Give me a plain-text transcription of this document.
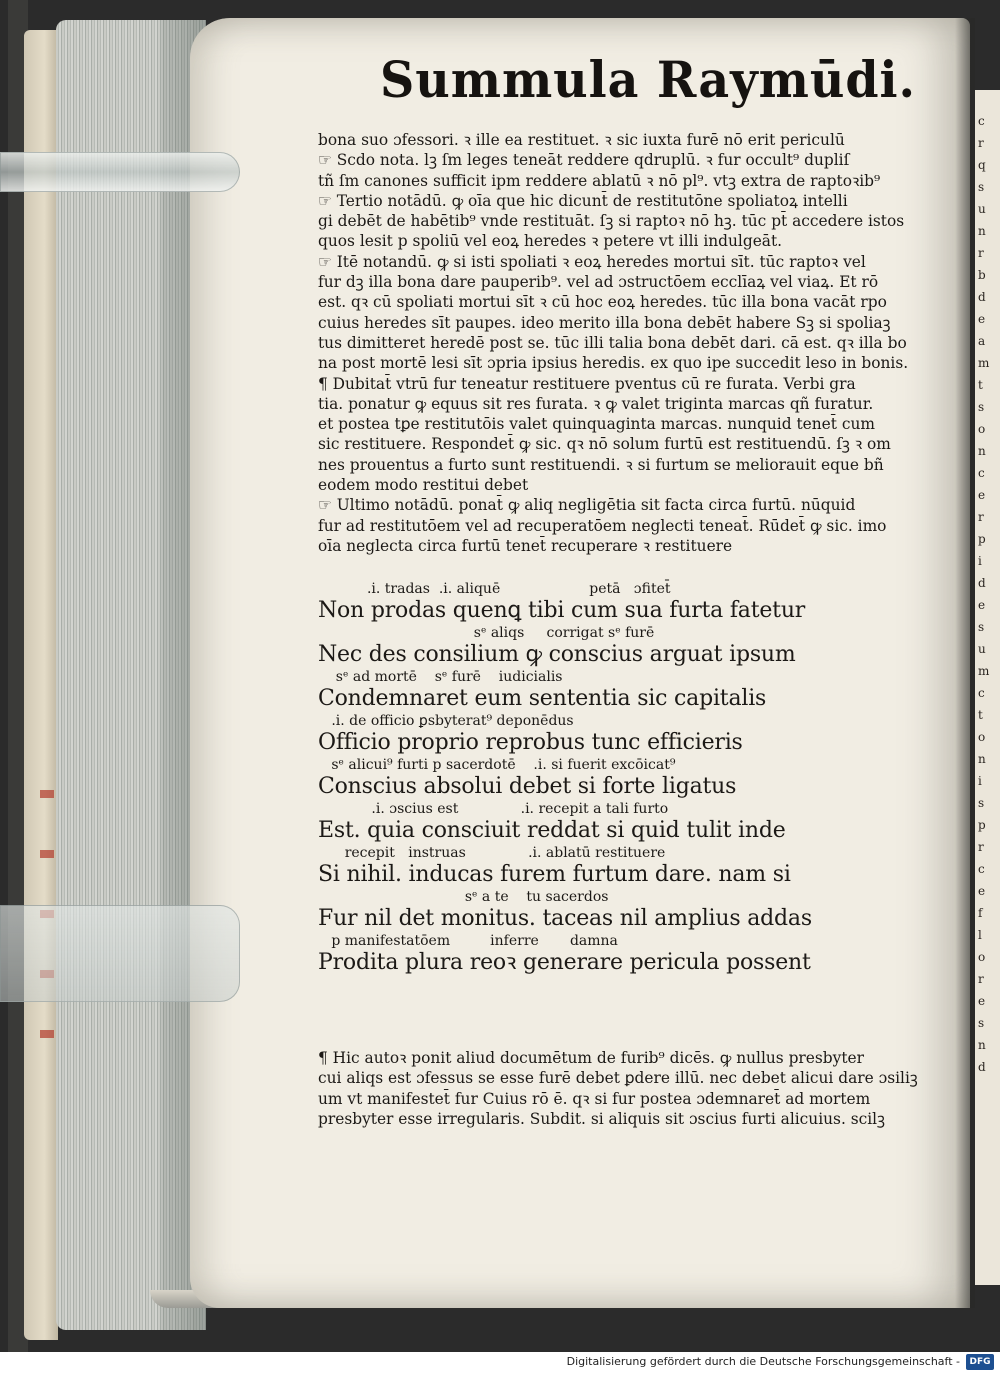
c
r
q
s
u
n
r
b
d
e
a
m
t
s
o
n
c
e
r
p
i
d
e
s
u
m
c
t
o
n
i
s
p
r
c
e
f
l
o
r
e
s
n
d
Summula Raymūdi.
bona suo ɔfessori. ꝛ ille ea restituet. ꝛ sic iuxta furē nō erit periculū
☞ Scdo nota. lꝫ ſm leges teneāt reddere qdruplū. ꝛ fur occult⁹ dupliſ
tñ ſm canones sufficit ipm reddere ablatū ꝛ nō pl⁹. vtꝫ extra de raptoꝛib⁹
☞ Tertio notādū. ꝙ oīa que hic dicunt̄ de restitutōne spoliatoꝝ intelli
gi debēt de habētib⁹ vnde restituāt. ſꝫ si raptoꝛ nō hꝫ. tūc pt̄ accedere istos
quos lesit p spoliū vel eoꝝ heredes ꝛ petere vt illi indulgeāt.
☞ Itē notandū. ꝙ si isti spoliati ꝛ eoꝝ heredes mortui sīt. tūc raptoꝛ vel
fur dꝫ illa bona dare pauperib⁹. vel ad ɔstructōem ecclīaꝝ vel viaꝝ. Et rō
est. qꝛ cū spoliati mortui sīt ꝛ cū hoc eoꝝ heredes. tūc illa bona vacāt rpo
cuius heredes sīt paupes. ideo merito illa bona debēt habere Sꝫ si spoliaꝫ
tus dimitteret heredē post se. tūc illi talia bona debēt dari. cā est. qꝛ illa bo
na post mortē lesi sīt ɔpria ipsius heredis. ex quo ipe succedit leso in bonis.
¶ Dubitat̄ vtrū fur teneatur restituere pventus cū re furata. Verbi gra
tia. ponatur ꝙ equus sit res furata. ꝛ ꝙ valet triginta marcas qñ furatur.
et postea tꝑe restitutōis valet quinquaginta marcas. nunquid tenet̄ cum
sic restituere. Respondet̄ ꝙ sic. qꝛ nō solum furtū est restituendū. ſꝫ ꝛ om
nes prouentus a furto sunt restituendi. ꝛ si furtum se meliorauit eque bñ
eodem modo restitui debet
☞ Ultimo notādū. ponat̄ ꝙ aliq negligētia sit facta circa furtū. nūquid
fur ad restitutōem vel ad recuperatōem neglecti teneat̄. Rūdet̄ ꝙ sic. imo
oīa neglecta circa furtū tenet̄ recuperare ꝛ restituere
.i. tradas  .i. aliquē                    petā   ɔfitet̄
Non prodas quenꝗ tibi cum sua furta fatetur
sᵉ aliqs     corrigat sᵉ furē
Nec des consilium ꝙ conscius arguat ipsum
sᵉ ad mortē    sᵉ furē    iudicialis
Condemnaret eum sententia sic capitalis
.i. de officio ꝑsbyterat⁹ deponēdus
Officio proprio reprobus tunc efficieris
sᵉ alicui⁹ furti p sacerdotē    .i. si fuerit excōicat⁹
Conscius absolui debet si forte ligatus
.i. ɔscius est              .i. recepit a tali furto
Est. quia consciuit reddat si quid tulit inde
recepit   instruas              .i. ablatū restituere
Si nihil. inducas furem furtum dare. nam si
sᵉ a te    tu sacerdos
Fur nil det monitus. taceas nil amplius addas
p manifestatōem         inferre       damna
Prodita plura reoꝛ generare pericula possent
¶ Hic autoꝛ ponit aliud documētum de furib⁹ dicēs. ꝙ nullus presbyter
cui aliqs est ɔfessus se esse furē debet ꝑdere illū. nec debet alicui dare ɔsiliꝫ
um vt manifestet̄ fur Cuius rō ē. qꝛ si fur postea ɔdemnaret̄ ad mortem
presbyter esse irregularis. Subdit. si aliquis sit ɔscius furti alicuius. scilꝫ
Digitalisierung gefördert durch die Deutsche Forschungsgemeinschaft -	DFG
